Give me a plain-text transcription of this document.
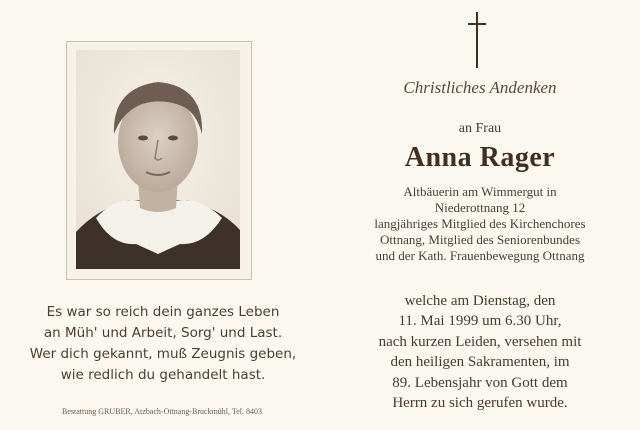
Es war so reich dein ganzes Leben
an Müh' und Arbeit, Sorg' und Last.
Wer dich gekannt, muß Zeugnis geben,
wie redlich du gehandelt hast.
Bestattung GRUBER, Atzbach-Ottnang-Bruckmühl, Tel. 8403
Christliches Andenken
an Frau
Anna Rager
Altbäuerin am Wimmergut in
Niederottnang 12
langjähriges Mitglied des Kirchenchores
Ottnang, Mitglied des Seniorenbundes
und der Kath. Frauenbewegung Ottnang
welche am Dienstag, den
11. Mai 1999 um 6.30 Uhr,
nach kurzen Leiden, versehen mit
den heiligen Sakramenten, im
89. Lebensjahr von Gott dem
Herrn zu sich gerufen wurde.
